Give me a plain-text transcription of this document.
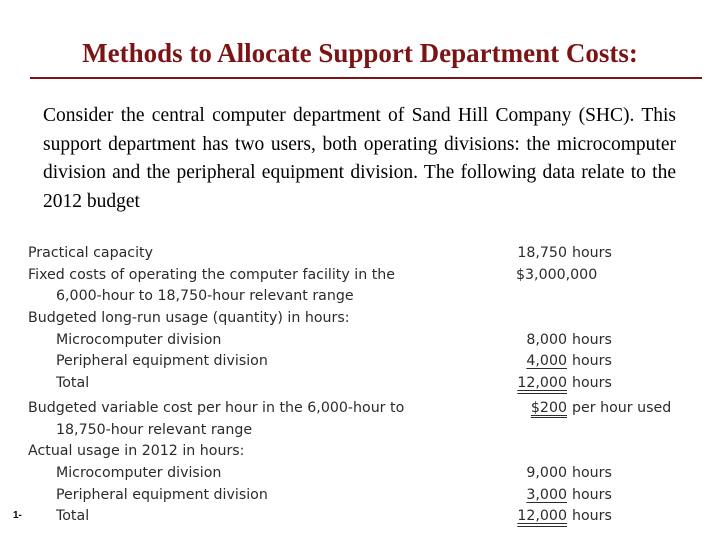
Methods to Allocate Support Department Costs:

Consider the central computer department of Sand Hill Company (SHC). This support department has two users, both operating divisions: the microcomputer division and the peripheral equipment division. The following data relate to the 2012 budget

Practical capacity	18,750 hours
Fixed costs of operating the computer facility in the	$3,000,000
6,000-hour to 18,750-hour relevant range
Budgeted long-run usage (quantity) in hours:
Microcomputer division	8,000 hours
Peripheral equipment division	4,000 hours
Total	12,000 hours
Budgeted variable cost per hour in the 6,000-hour to	$200 per hour used
18,750-hour relevant range
Actual usage in 2012 in hours:
Microcomputer division	9,000 hours
Peripheral equipment division	3,000 hours
Total	12,000 hours
1-
